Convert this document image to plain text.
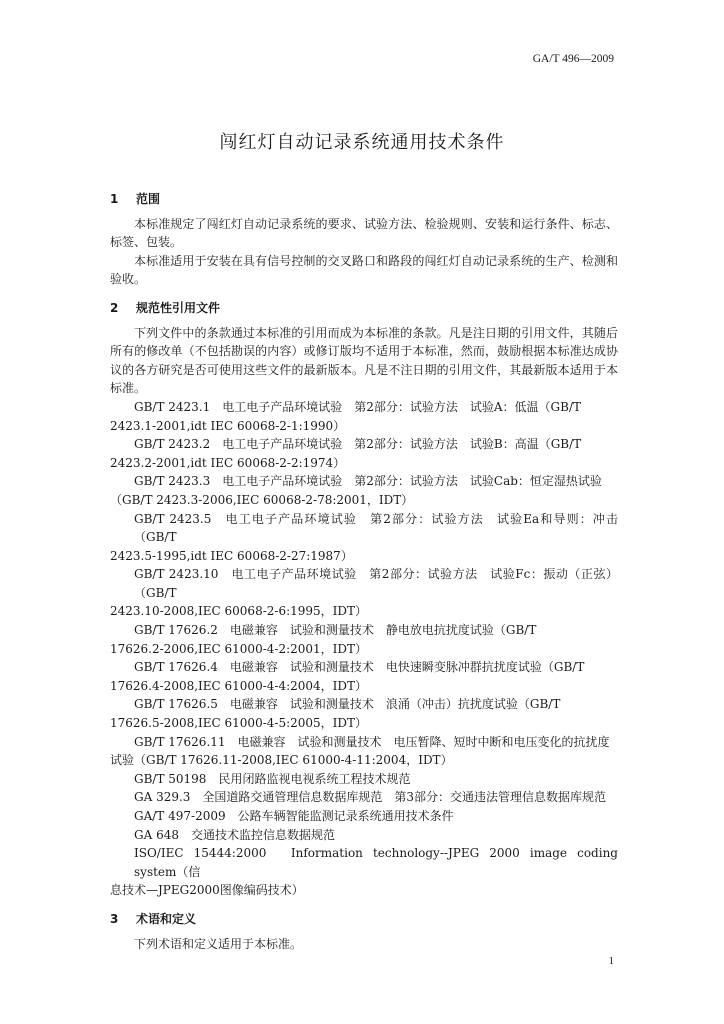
GA/T 496—2009
闯红灯自动记录系统通用技术条件
1 范围

本标准规定了闯红灯自动记录系统的要求、试验方法、检验规则、安装和运行条件、标志、标签、包装。

本标准适用于安装在具有信号控制的交叉路口和路段的闯红灯自动记录系统的生产、检测和验收。

2 规范性引用文件

下列文件中的条款通过本标准的引用而成为本标准的条款。凡是注日期的引用文件，其随后所有的修改单（不包括勘误的内容）或修订版均不适用于本标准，然而，鼓励根据本标准达成协议的各方研究是否可使用这些文件的最新版本。凡是不注日期的引用文件，其最新版本适用于本标准。

GB/T 2423.1　电工电子产品环境试验　第2部分：试验方法　试验A：低温（GB/T
2423.1-2001,idt IEC 60068-2-1:1990）

GB/T 2423.2　电工电子产品环境试验　第2部分：试验方法　试验B：高温（GB/T
2423.2-2001,idt IEC 60068-2-2:1974）

GB/T 2423.3　电工电子产品环境试验　第2部分：试验方法　试验Cab：恒定湿热试验
（GB/T 2423.3-2006,IEC 60068-2-78:2001，IDT）

GB/T 2423.5　电工电子产品环境试验　第2部分：试验方法　试验Ea和导则：冲击（GB/T
2423.5-1995,idt IEC 60068-2-27:1987）

GB/T 2423.10　电工电子产品环境试验　第2部分：试验方法　试验Fc：振动（正弦）（GB/T
2423.10-2008,IEC 60068-2-6:1995，IDT）

GB/T 17626.2　电磁兼容　试验和测量技术　静电放电抗扰度试验（GB/T
17626.2-2006,IEC 61000-4-2:2001，IDT）

GB/T 17626.4　电磁兼容　试验和测量技术　电快速瞬变脉冲群抗扰度试验（GB/T
17626.4-2008,IEC 61000-4-4:2004，IDT）

GB/T 17626.5　电磁兼容　试验和测量技术　浪涌（冲击）抗扰度试验（GB/T
17626.5-2008,IEC 61000-4-5:2005，IDT）

GB/T 17626.11　电磁兼容　试验和测量技术　电压暂降、短时中断和电压变化的抗扰度
试验（GB/T 17626.11-2008,IEC 61000-4-11:2004，IDT）

GB/T 50198　民用闭路监视电视系统工程技术规范

GA 329.3　全国道路交通管理信息数据库规范　第3部分：交通违法管理信息数据库规范

GA/T 497-2009　公路车辆智能监测记录系统通用技术条件

GA 648　交通技术监控信息数据规范

ISO/IEC 15444:2000　Information technology--JPEG 2000 image coding system（信
息技术—JPEG2000图像编码技术）

3 术语和定义

下列术语和定义适用于本标准。

1
